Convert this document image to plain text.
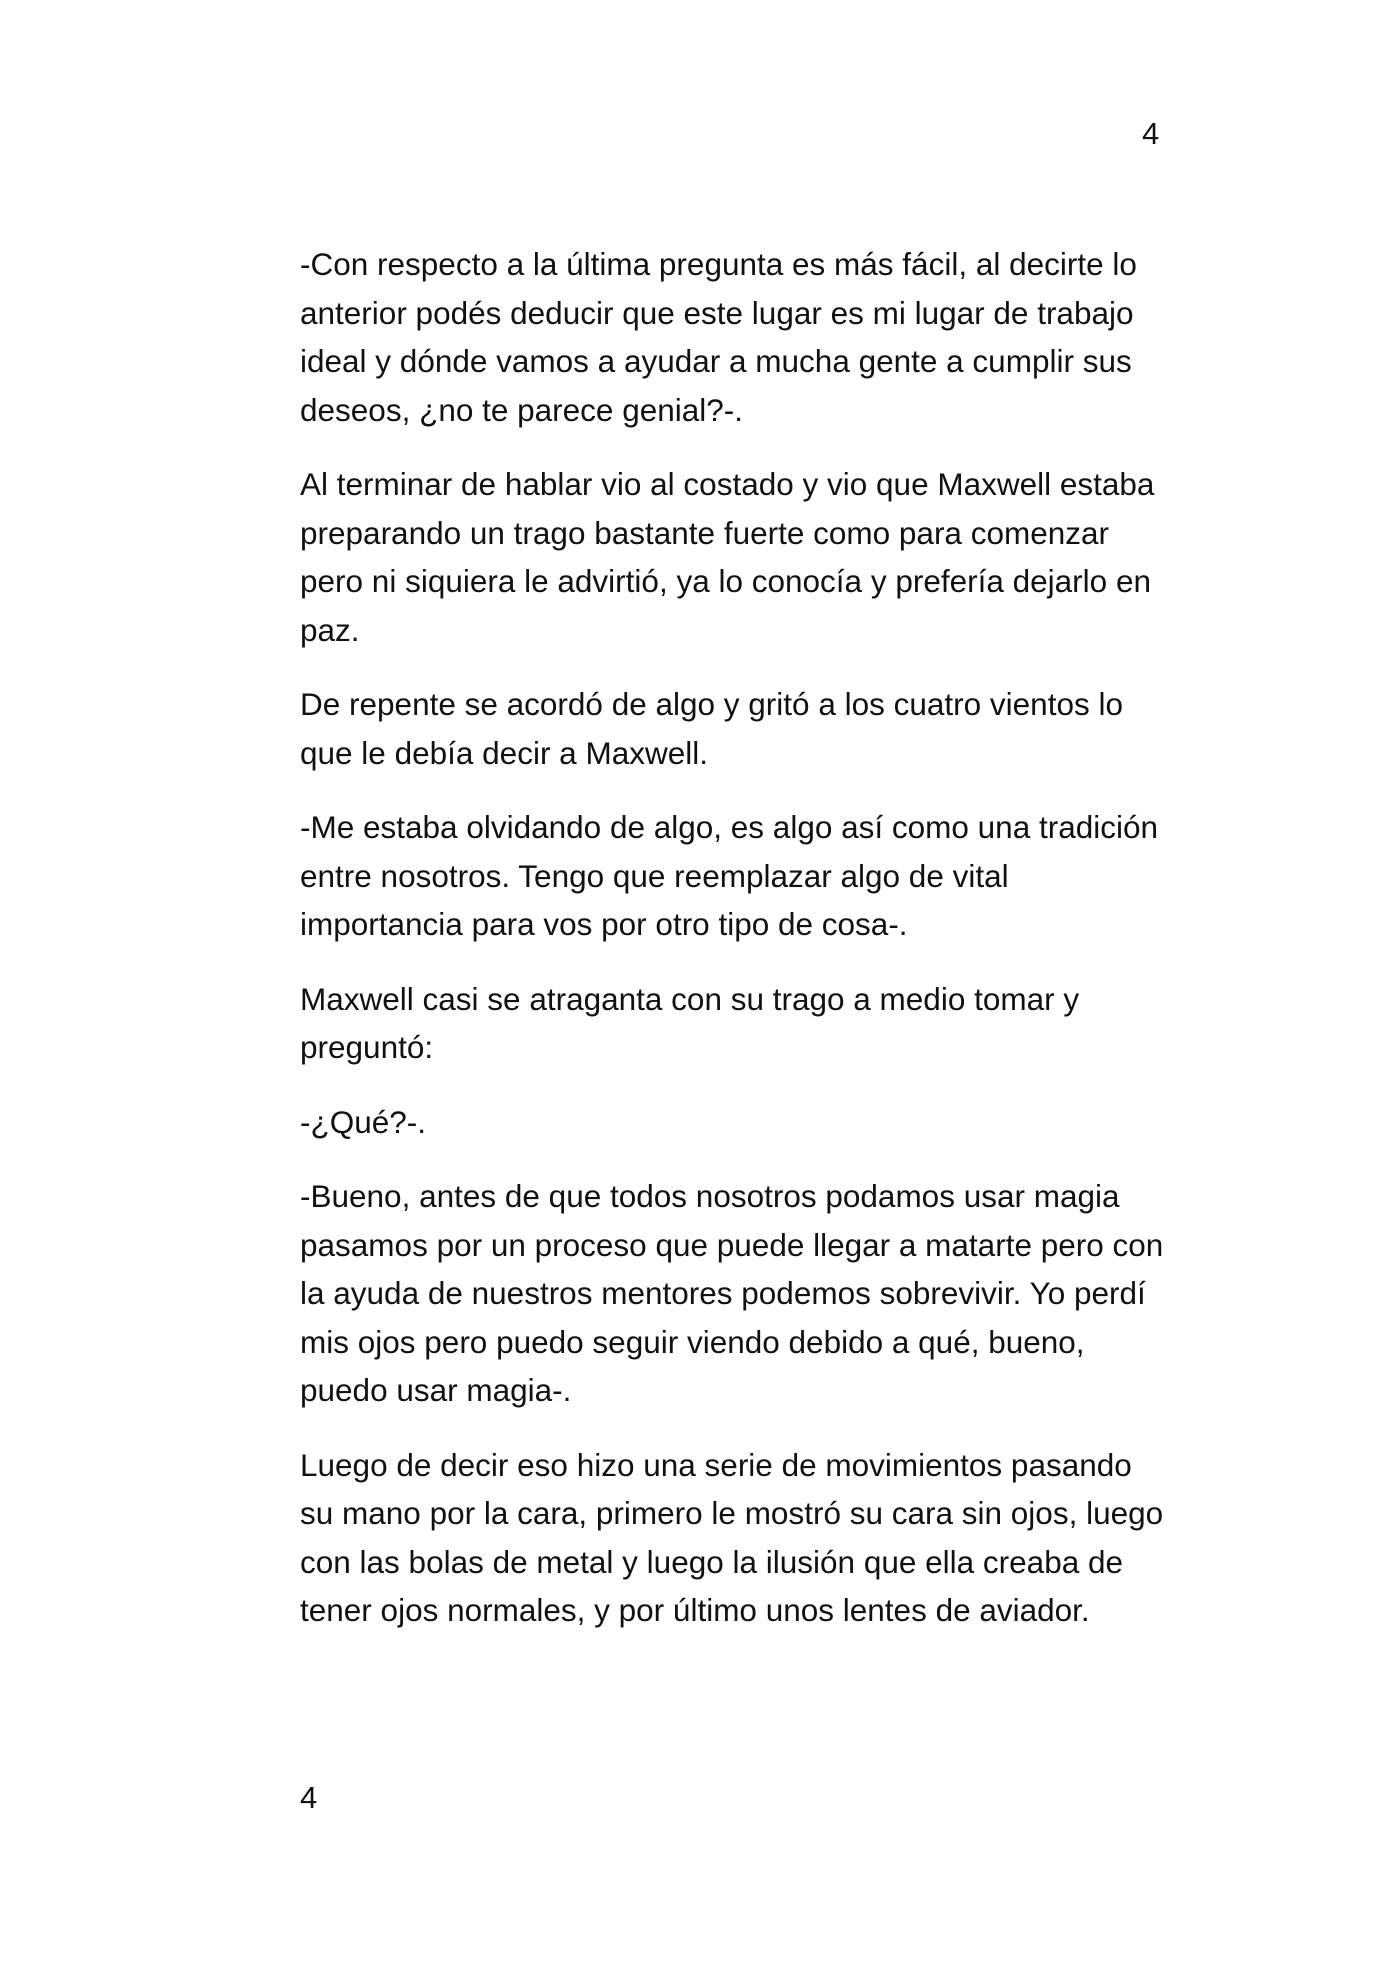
4

-Con respecto a la última pregunta es más fácil, al decirte lo anterior podés deducir que este lugar es mi lugar de trabajo ideal y dónde vamos a ayudar a mucha gente a cumplir sus deseos, ¿no te parece genial?-.

Al terminar de hablar vio al costado y vio que Maxwell estaba preparando un trago bastante fuerte como para comenzar pero ni siquiera le advirtió, ya lo conocía y prefería dejarlo en paz.

De repente se acordó de algo y gritó a los cuatro vientos lo que le debía decir a Maxwell.

-Me estaba olvidando de algo, es algo así como una tradición entre nosotros. Tengo que reemplazar algo de vital importancia para vos por otro tipo de cosa-.

Maxwell casi se atraganta con su trago a medio tomar y preguntó:

-¿Qué?-.

-Bueno, antes de que todos nosotros podamos usar magia pasamos por un proceso que puede llegar a matarte pero con la ayuda de nuestros mentores podemos sobrevivir. Yo perdí mis ojos pero puedo seguir viendo debido a qué, bueno, puedo usar magia-.

Luego de decir eso hizo una serie de movimientos pasando su mano por la cara, primero le mostró su cara sin ojos, luego con las bolas de metal y luego la ilusión que ella creaba de tener ojos normales, y por último unos lentes de aviador.

4
